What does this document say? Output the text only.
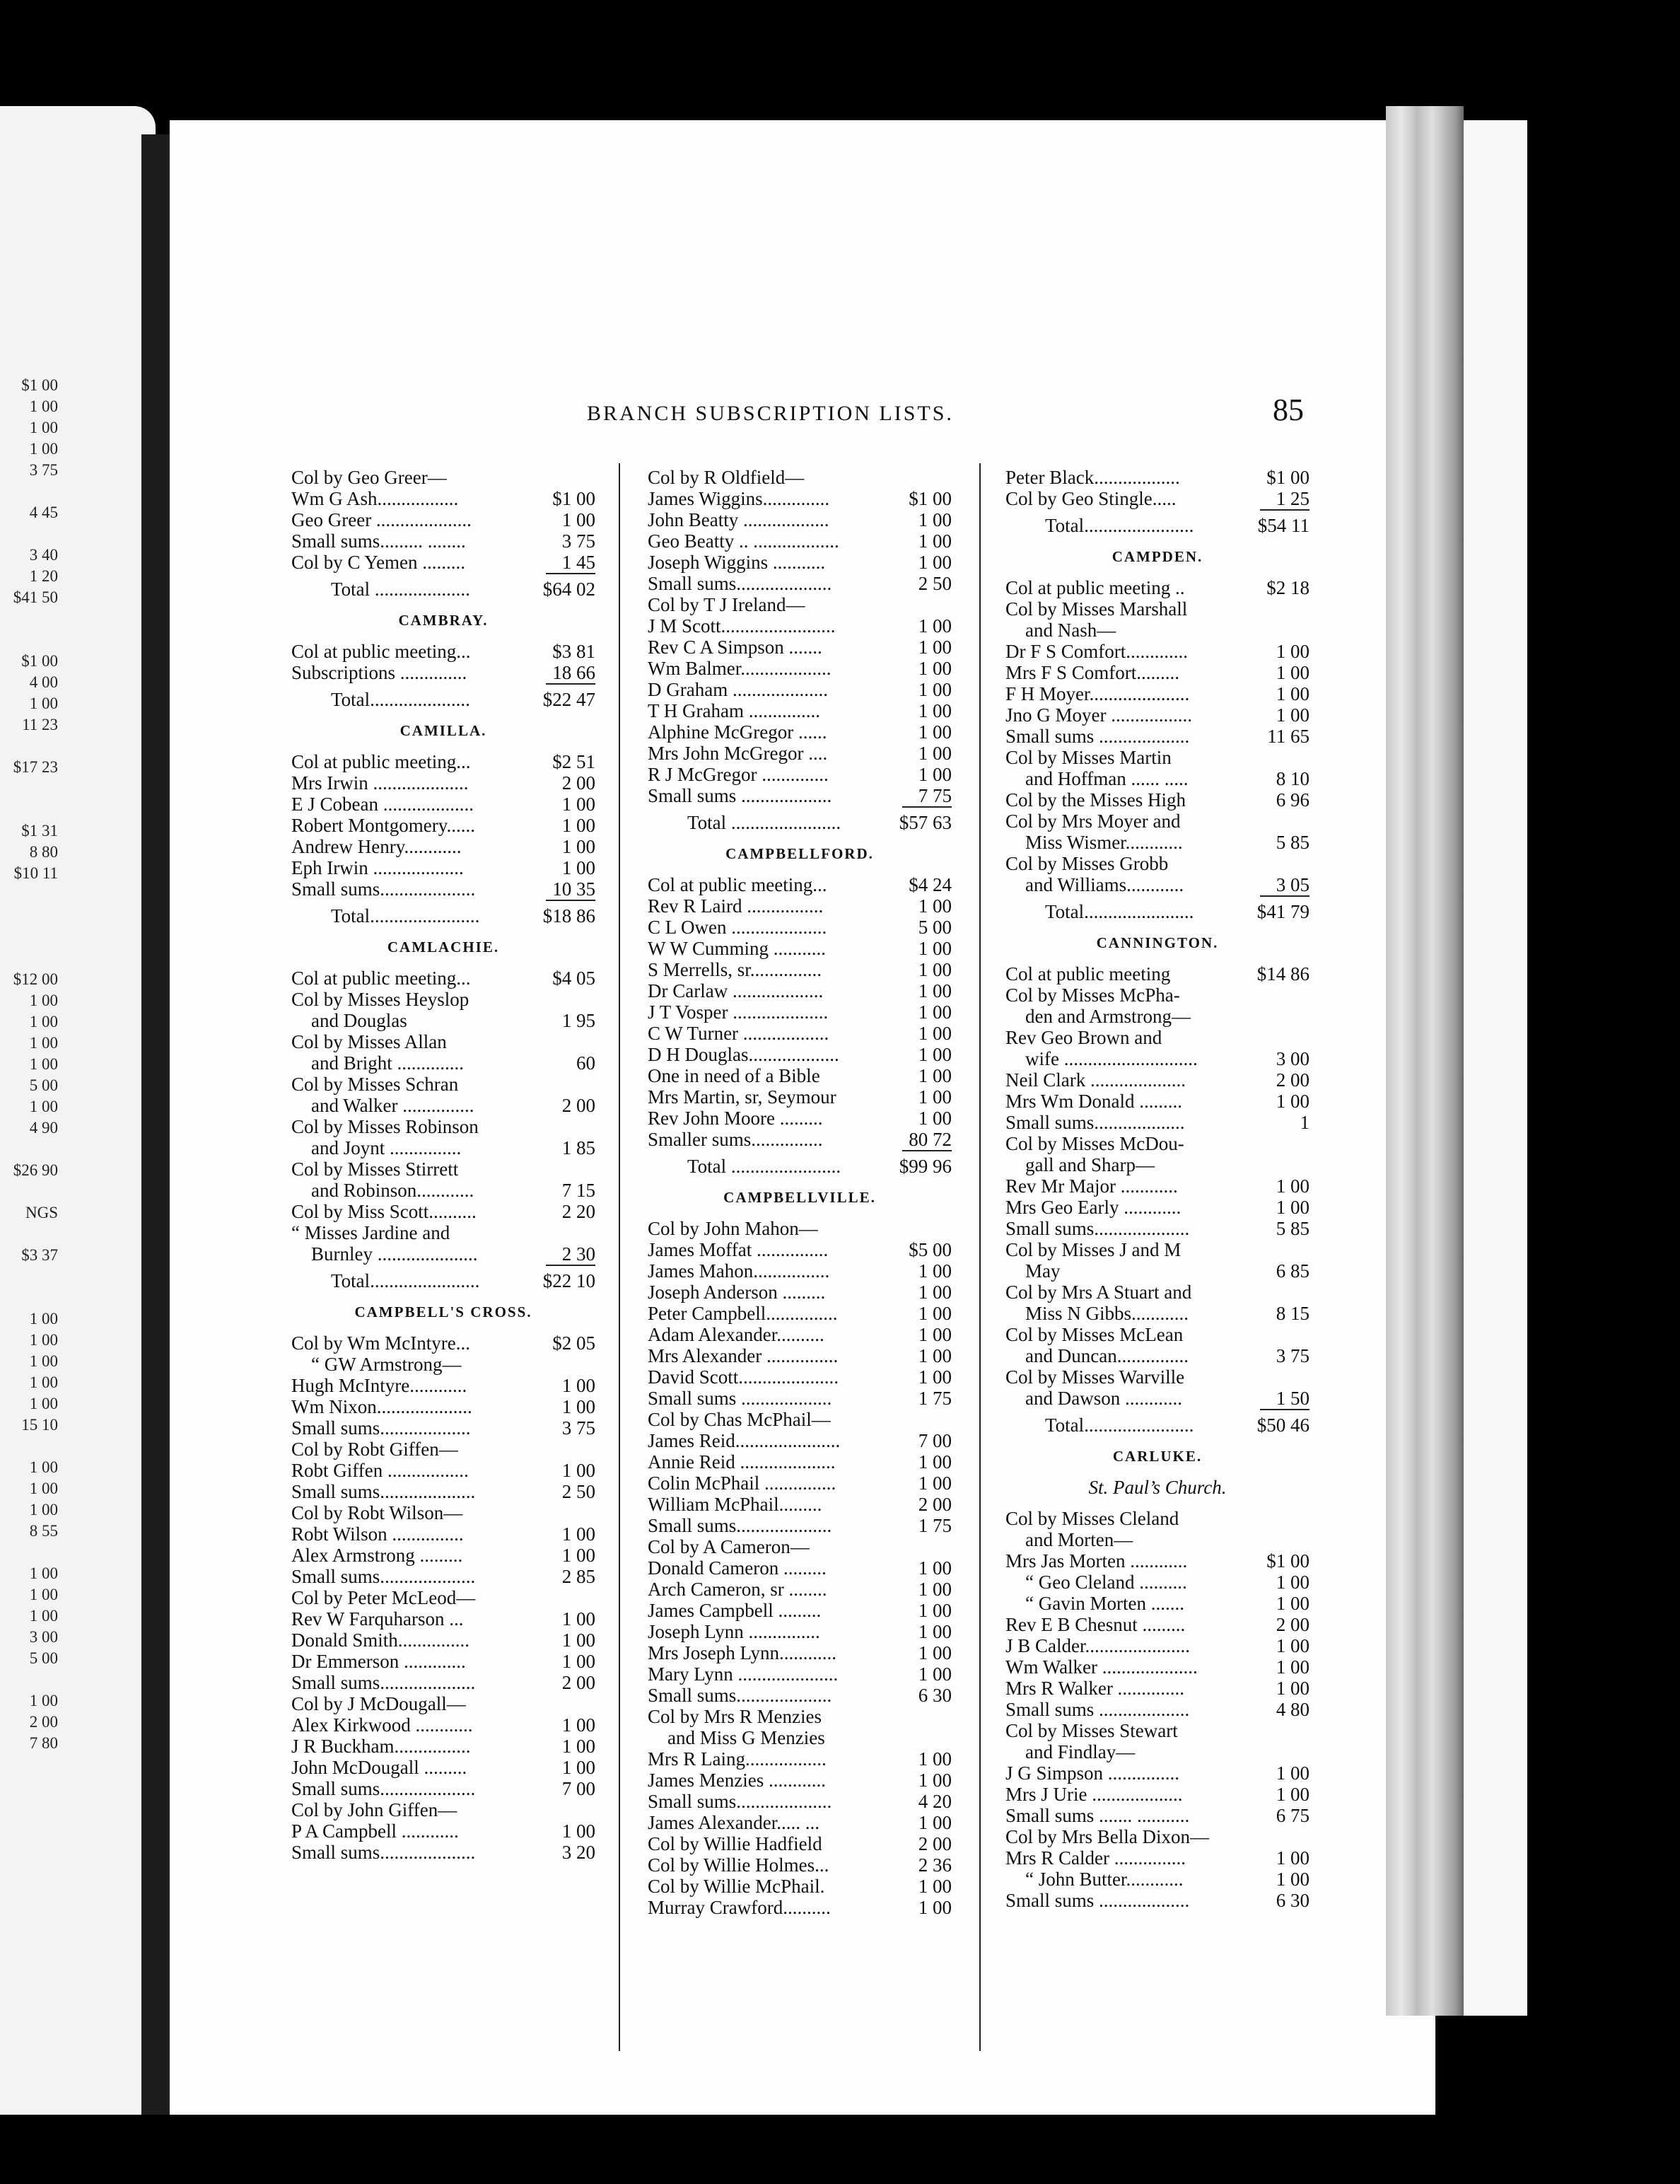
$1 00
1 00
1 00
1 00
3 75
4 45
3 40
1 20
$41 50
$1 00
4 00
1 00
11 23
$17 23
$1 31
8 80
$10 11
$12 00
1 00
1 00
1 00
1 00
5 00
1 00
4 90
$26 90
NGS
$3 37
1 00
1 00
1 00
1 00
1 00
15 10
1 00
1 00
1 00
8 55
1 00
1 00
1 00
3 00
5 00
1 00
2 00
7 80
BRANCH SUBSCRIPTION LISTS.	85
Col by Geo Greer—
Wm G Ash.................	$1 00
Geo Greer ....................	1 00
Small sums......... ........	3 75
Col by C Yemen .........	1 45
Total ....................	$64 02
CAMBRAY.
Col at public meeting...	$3 81
Subscriptions ..............	18 66
Total.....................	$22 47
CAMILLA.
Col at public meeting...	$2 51
Mrs Irwin ....................	2 00
E J Cobean ...................	1 00
Robert Montgomery......	1 00
Andrew Henry............	1 00
Eph Irwin ...................	1 00
Small sums....................	10 35
Total.......................	$18 86
CAMLACHIE.
Col at public meeting...	$4 05
Col by Misses Heyslop
and Douglas	1 95
Col by Misses Allan
and Bright ..............	60
Col by Misses Schran
and Walker ...............	2 00
Col by Misses Robinson
and Joynt ...............	1 85
Col by Misses Stirrett
and Robinson............	7 15
Col by Miss Scott..........	2 20
“ Misses Jardine and
Burnley .....................	2 30
Total.......................	$22 10
CAMPBELL'S CROSS.
Col by Wm McIntyre...	$2 05
“ GW Armstrong—
Hugh McIntyre............	1 00
Wm Nixon....................	1 00
Small sums...................	3 75
Col by Robt Giffen—
Robt Giffen .................	1 00
Small sums....................	2 50
Col by Robt Wilson—
Robt Wilson ...............	1 00
Alex Armstrong .........	1 00
Small sums....................	2 85
Col by Peter McLeod—
Rev W Farquharson ...	1 00
Donald Smith...............	1 00
Dr Emmerson .............	1 00
Small sums....................	2 00
Col by J McDougall—
Alex Kirkwood ............	1 00
J R Buckham................	1 00
John McDougall .........	1 00
Small sums....................	7 00
Col by John Giffen—
P A Campbell ............	1 00
Small sums....................	3 20
Col by R Oldfield—
James Wiggins..............	$1 00
John Beatty ..................	1 00
Geo Beatty .. ..................	1 00
Joseph Wiggins ...........	1 00
Small sums....................	2 50
Col by T J Ireland—
J M Scott........................	1 00
Rev C A Simpson .......	1 00
Wm Balmer...................	1 00
D Graham ....................	1 00
T H Graham ...............	1 00
Alphine McGregor ......	1 00
Mrs John McGregor ....	1 00
R J McGregor ..............	1 00
Small sums ...................	7 75
Total .......................	$57 63
CAMPBELLFORD.
Col at public meeting...	$4 24
Rev R Laird ................	1 00
C L Owen ....................	5 00
W W Cumming ...........	1 00
S Merrells, sr...............	1 00
Dr Carlaw ...................	1 00
J T Vosper ....................	1 00
C W Turner ..................	1 00
D H Douglas...................	1 00
One in need of a Bible	1 00
Mrs Martin, sr, Seymour	1 00
Rev John Moore .........	1 00
Smaller sums...............	80 72
Total .......................	$99 96
CAMPBELLVILLE.
Col by John Mahon—
James Moffat ...............	$5 00
James Mahon................	1 00
Joseph Anderson .........	1 00
Peter Campbell...............	1 00
Adam Alexander..........	1 00
Mrs Alexander ...............	1 00
David Scott.....................	1 00
Small sums ...................	1 75
Col by Chas McPhail—
James Reid......................	7 00
Annie Reid ....................	1 00
Colin McPhail ...............	1 00
William McPhail.........	2 00
Small sums....................	1 75
Col by A Cameron—
Donald Cameron .........	1 00
Arch Cameron, sr ........	1 00
James Campbell .........	1 00
Joseph Lynn ...............	1 00
Mrs Joseph Lynn............	1 00
Mary Lynn .....................	1 00
Small sums....................	6 30
Col by Mrs R Menzies
and Miss G Menzies
Mrs R Laing.................	1 00
James Menzies ............	1 00
Small sums....................	4 20
James Alexander..... ...	1 00
Col by Willie Hadfield	2 00
Col by Willie Holmes...	2 36
Col by Willie McPhail.	1 00
Murray Crawford..........	1 00
Peter Black..................	$1 00
Col by Geo Stingle.....	1 25
Total.......................	$54 11
CAMPDEN.
Col at public meeting ..	$2 18
Col by Misses Marshall
and Nash—
Dr F S Comfort.............	1 00
Mrs F S Comfort.........	1 00
F H Moyer.....................	1 00
Jno G Moyer .................	1 00
Small sums ...................	11 65
Col by Misses Martin
and Hoffman ...... .....	8 10
Col by the Misses High	6 96
Col by Mrs Moyer and
Miss Wismer............	5 85
Col by Misses Grobb
and Williams............	3 05
Total.......................	$41 79
CANNINGTON.
Col at public meeting	$14 86
Col by Misses McPha-
den and Armstrong—
Rev Geo Brown and
wife ............................	3 00
Neil Clark ....................	2 00
Mrs Wm Donald .........	1 00
Small sums...................	1
Col by Misses McDou-
gall and Sharp—
Rev Mr Major ............	1 00
Mrs Geo Early ............	1 00
Small sums....................	5 85
Col by Misses J and M
May	6 85
Col by Mrs A Stuart and
Miss N Gibbs............	8 15
Col by Misses McLean
and Duncan...............	3 75
Col by Misses Warville
and Dawson ............	1 50
Total.......................	$50 46
CARLUKE.
St. Paul’s Church.
Col by Misses Cleland
and Morten—
Mrs Jas Morten ............	$1 00
“ Geo Cleland ..........	1 00
“ Gavin Morten .......	1 00
Rev E B Chesnut .........	2 00
J B Calder......................	1 00
Wm Walker ....................	1 00
Mrs R Walker ..............	1 00
Small sums ...................	4 80
Col by Misses Stewart
and Findlay—
J G Simpson ...............	1 00
Mrs J Urie ...................	1 00
Small sums ....... ...........	6 75
Col by Mrs Bella Dixon—
Mrs R Calder ...............	1 00
“ John Butter............	1 00
Small sums ...................	6 30
